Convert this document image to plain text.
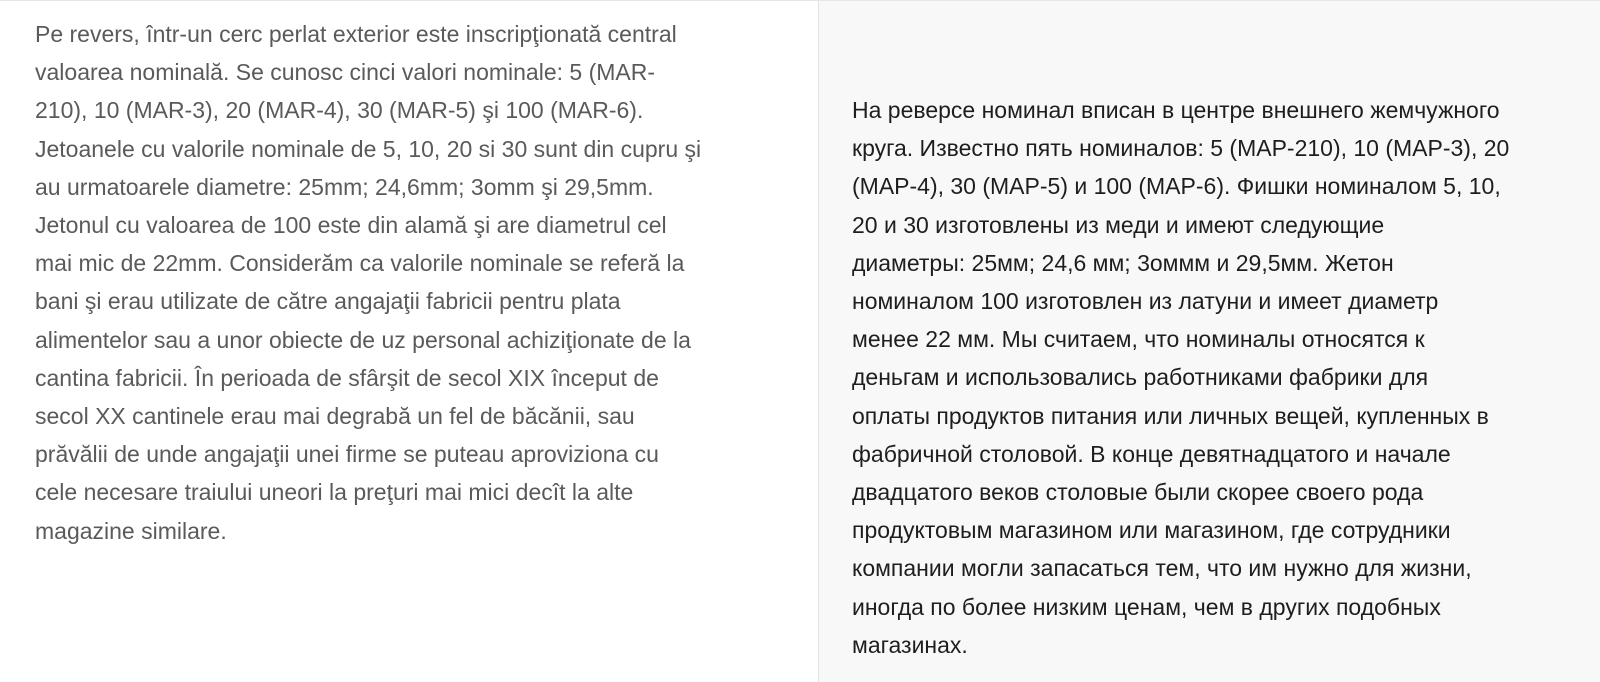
Pe revers, într-un cerc perlat exterior este inscripţionată central
valoarea nominală. Se cunosc cinci valori nominale: 5 (MAR-
210), 10 (MAR-3), 20 (MAR-4), 30 (MAR-5) şi 100 (MAR-6).
Jetoanele cu valorile nominale de 5, 10, 20 si 30 sunt din cupru şi
au urmatoarele diametre: 25mm; 24,6mm; 3omm şi 29,5mm.
Jetonul cu valoarea de 100 este din alamă şi are diametrul cel
mai mic de 22mm. Considerăm ca valorile nominale se referă la
bani şi erau utilizate de către angajaţii fabricii pentru plata
alimentelor sau a unor obiecte de uz personal achiziţionate de la
cantina fabricii. În perioada de sfârşit de secol XIX început de
secol XX cantinele erau mai degrabă un fel de băcănii, sau
prăvălii de unde angajaţii unei firme se puteau aproviziona cu
cele necesare traiului uneori la preţuri mai mici decît la alte
magazine similare.
На реверсе номинал вписан в центре внешнего жемчужного
круга. Известно пять номиналов: 5 (МАР-210), 10 (МАР-3), 20
(МАР-4), 30 (МАР-5) и 100 (МАР-6). Фишки номиналом 5, 10,
20 и 30 изготовлены из меди и имеют следующие
диаметры: 25мм; 24,6 мм; 3оммм и 29,5мм. Жетон
номиналом 100 изготовлен из латуни и имеет диаметр
менее 22 мм. Мы считаем, что номиналы относятся к
деньгам и использовались работниками фабрики для
оплаты продуктов питания или личных вещей, купленных в
фабричной столовой. В конце девятнадцатого и начале
двадцатого веков столовые были скорее своего рода
продуктовым магазином или магазином, где сотрудники
компании могли запасаться тем, что им нужно для жизни,
иногда по более низким ценам, чем в других подобных
магазинах.
